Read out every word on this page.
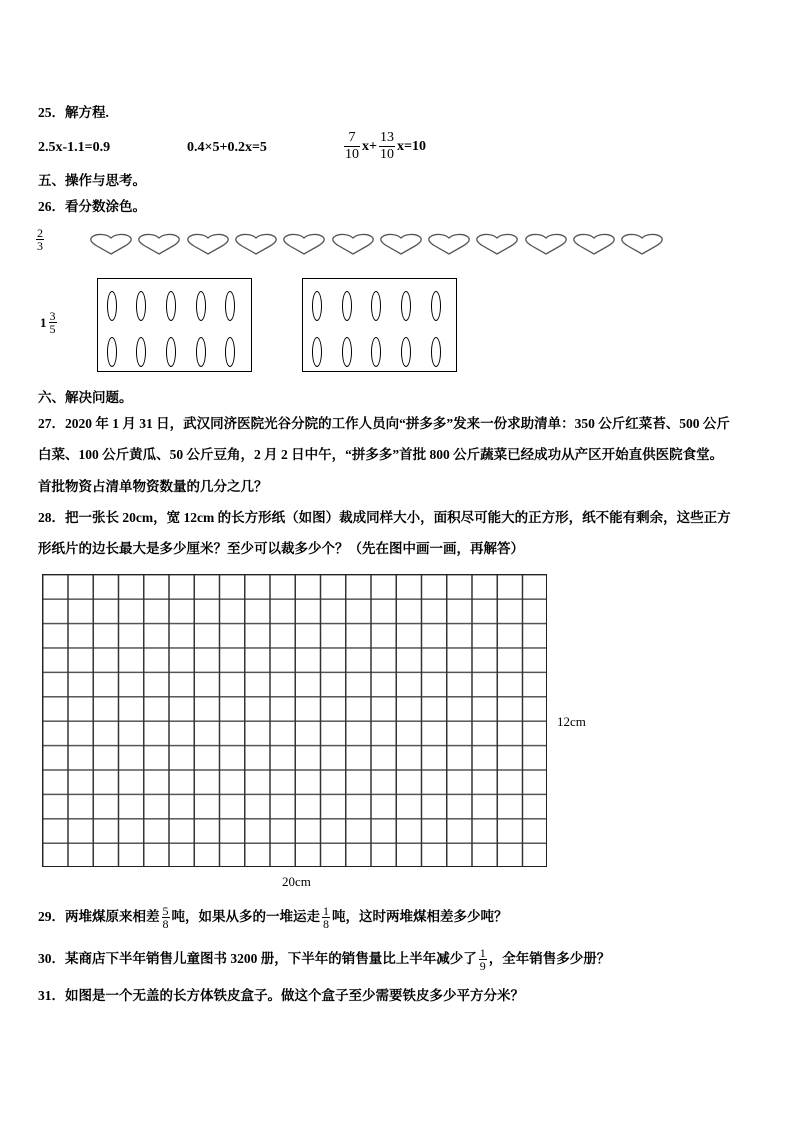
25．解方程.
2.5x-1.1=0.9	0.4×5+0.2x=5	$\frac{7}{10} x+ \frac{13}{10} x=10$
五、操作与思考。
26．看分数涂色。
$\frac{2}{3}$
$1 \frac{3}{5}$
六、解决问题。
27．2020 年 1 月 31 日，武汉同济医院光谷分院的工作人员向“拼多多”发来一份求助清单：350 公斤红菜苔、500 公斤
白菜、100 公斤黄瓜、50 公斤豆角，2 月 2 日中午，“拼多多”首批 800 公斤蔬菜已经成功从产区开始直供医院食堂。
首批物资占清单物资数量的几分之几？
28．把一张长 20cm，宽 12cm 的长方形纸（如图）裁成同样大小，面积尽可能大的正方形，纸不能有剩余，这些正方
形纸片的边长最大是多少厘米？至少可以裁多少个？（先在图中画一画，再解答）
12cm
20cm
29．两堆煤原来相差 $\frac{5}{8}$ 吨，如果从多的一堆运走 $\frac{1}{8}$ 吨，这时两堆煤相差多少吨？
30．某商店下半年销售儿童图书 3200 册，下半年的销售量比上半年减少了 $\frac{1}{9}$ ，全年销售多少册？
31．如图是一个无盖的长方体铁皮盒子。做这个盒子至少需要铁皮多少平方分米？
